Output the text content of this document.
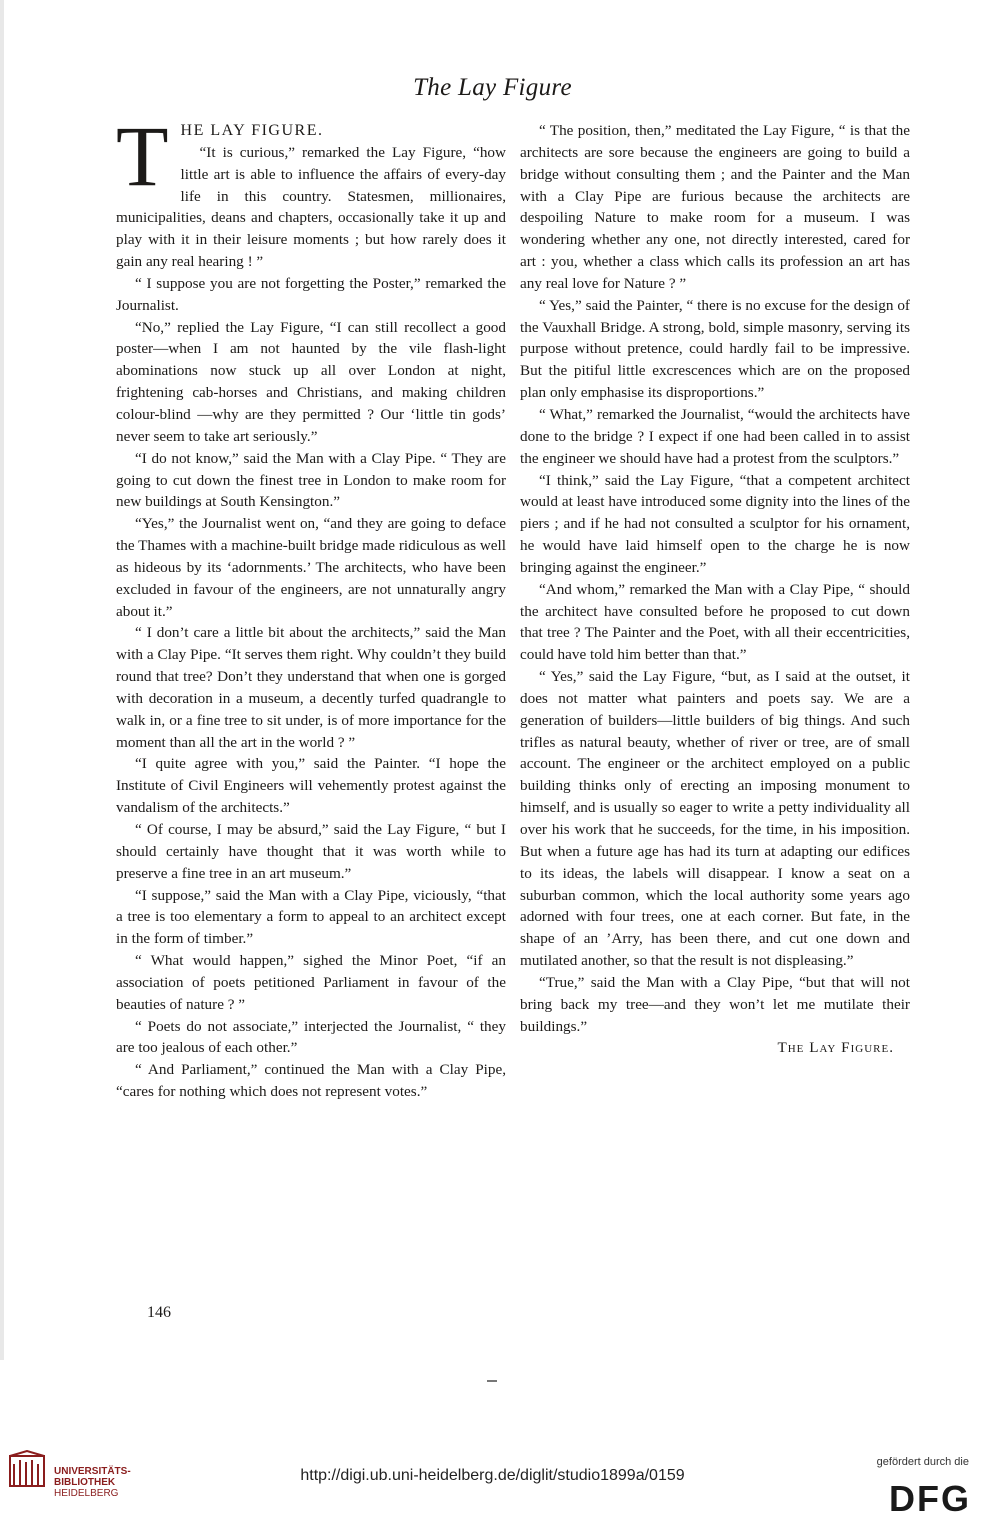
The Lay Figure

THE LAY FIGURE.

“It is curious,” remarked the Lay Figure, “how little art is able to influence the affairs of every-day life in this country. Statesmen, millionaires, municipalities, deans and chapters, occasionally take it up and play with it in their leisure moments ; but how rarely does it gain any real hearing ! ”

“ I suppose you are not forgetting the Poster,” remarked the Journalist.

“No,” replied the Lay Figure, “I can still recollect a good poster—when I am not haunted by the vile flash-light abominations now stuck up all over London at night, frightening cab-horses and Christians, and making children colour-blind —why are they permitted ? Our ‘little tin gods’ never seem to take art seriously.”

“I do not know,” said the Man with a Clay Pipe. “ They are going to cut down the finest tree in London to make room for new buildings at South Kensington.”

“Yes,” the Journalist went on, “and they are going to deface the Thames with a machine-built bridge made ridiculous as well as hideous by its ‘adornments.’ The architects, who have been excluded in favour of the engineers, are not unnaturally angry about it.”

“ I don’t care a little bit about the architects,” said the Man with a Clay Pipe. “It serves them right. Why couldn’t they build round that tree? Don’t they understand that when one is gorged with decoration in a museum, a decently turfed quadrangle to walk in, or a fine tree to sit under, is of more importance for the moment than all the art in the world ? ”

“I quite agree with you,” said the Painter. “I hope the Institute of Civil Engineers will vehemently protest against the vandalism of the architects.”

“ Of course, I may be absurd,” said the Lay Figure, “ but I should certainly have thought that it was worth while to preserve a fine tree in an art museum.”

“I suppose,” said the Man with a Clay Pipe, viciously, “that a tree is too elementary a form to appeal to an architect except in the form of timber.”

“ What would happen,” sighed the Minor Poet, “if an association of poets petitioned Parliament in favour of the beauties of nature ? ”

“ Poets do not associate,” interjected the Journalist, “ they are too jealous of each other.”

“ And Parliament,” continued the Man with a Clay Pipe, “cares for nothing which does not represent votes.”

“ The position, then,” meditated the Lay Figure, “ is that the architects are sore because the engineers are going to build a bridge without consulting them ; and the Painter and the Man with a Clay Pipe are furious because the architects are despoiling Nature to make room for a museum. I was wondering whether any one, not directly interested, cared for art : you, whether a class which calls its profession an art has any real love for Nature ? ”

“ Yes,” said the Painter, “ there is no excuse for the design of the Vauxhall Bridge. A strong, bold, simple masonry, serving its purpose without pretence, could hardly fail to be impressive. But the pitiful little excrescences which are on the proposed plan only emphasise its disproportions.”

“ What,” remarked the Journalist, “would the architects have done to the bridge ? I expect if one had been called in to assist the engineer we should have had a protest from the sculptors.”

“I think,” said the Lay Figure, “that a competent architect would at least have introduced some dignity into the lines of the piers ; and if he had not consulted a sculptor for his ornament, he would have laid himself open to the charge he is now bringing against the engineer.”

“And whom,” remarked the Man with a Clay Pipe, “ should the architect have consulted before he proposed to cut down that tree ? The Painter and the Poet, with all their eccentricities, could have told him better than that.”

“ Yes,” said the Lay Figure, “but, as I said at the outset, it does not matter what painters and poets say. We are a generation of builders—little builders of big things. And such trifles as natural beauty, whether of river or tree, are of small account. The engineer or the architect employed on a public building thinks only of erecting an imposing monument to himself, and is usually so eager to write a petty individuality all over his work that he succeeds, for the time, in his imposition. But when a future age has had its turn at adapting our edifices to its ideas, the labels will disappear. I know a seat on a suburban common, which the local authority some years ago adorned with four trees, one at each corner. But fate, in the shape of an ’Arry, has been there, and cut one down and mutilated another, so that the result is not displeasing.”

“True,” said the Man with a Clay Pipe, “but that will not bring back my tree—and they won’t let me mutilate their buildings.”

The Lay Figure.

146
UNIVERSITÄTS-
BIBLIOTHEK
HEIDELBERG
http://digi.ub.uni-heidelberg.de/diglit/studio1899a/0159
gefördert durch die
DFG
